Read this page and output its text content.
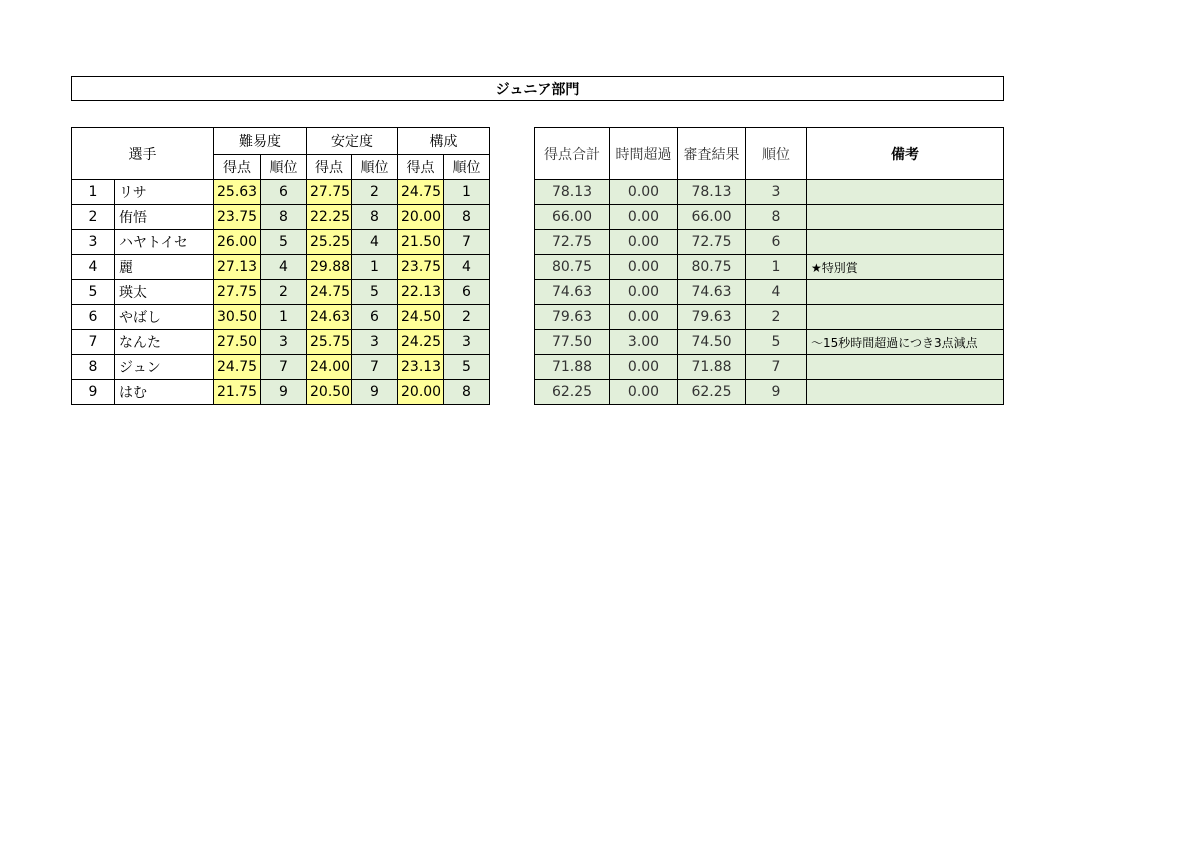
ジュニア部門
選手		難易度		安定度		構成	
		得点	順位	得点	順位	得点	順位
1	リサ	25.63	6	27.75	2	24.75	1
2	侑悟	23.75	8	22.25	8	20.00	8
3	ハヤトイセ	26.00	5	25.25	4	21.50	7
4	麗	27.13	4	29.88	1	23.75	4
5	瑛太	27.75	2	24.75	5	22.13	6
6	やばし	30.50	1	24.63	6	24.50	2
7	なんた	27.50	3	25.75	3	24.25	3
8	ジュン	24.75	7	24.00	7	23.13	5
9	はむ	21.75	9	20.50	9	20.00	8
得点合計	時間超過	審査結果	順位	備考
78.13	0.00	78.13	3	
66.00	0.00	66.00	8	
72.75	0.00	72.75	6	
80.75	0.00	80.75	1	★特別賞
74.63	0.00	74.63	4	
79.63	0.00	79.63	2	
77.50	3.00	74.50	5	～15秒時間超過につき3点減点
71.88	0.00	71.88	7	
62.25	0.00	62.25	9	
